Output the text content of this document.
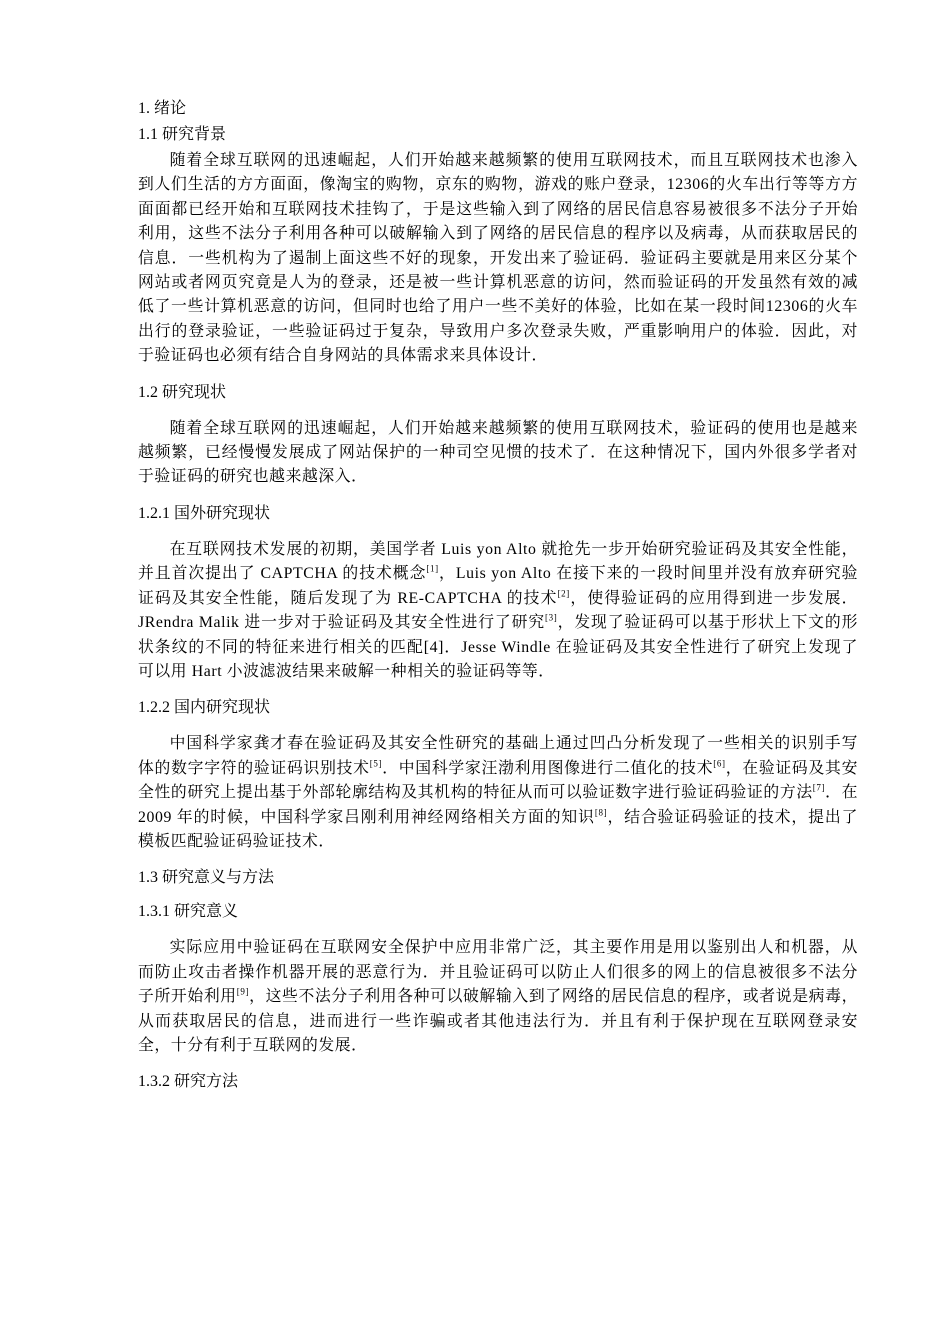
1. 绪论
1.1 研究背景

随着全球互联网的迅速崛起，人们开始越来越频繁的使用互联网技术，而且互联网技术也渗入到人们生活的方方面面，像淘宝的购物，京东的购物，游戏的账户登录，12306的火车出行等等方方面面都已经开始和互联网技术挂钩了，于是这些输入到了网络的居民信息容易被很多不法分子开始利用，这些不法分子利用各种可以破解输入到了网络的居民信息的程序以及病毒，从而获取居民的信息．一些机构为了遏制上面这些不好的现象，开发出来了验证码．验证码主要就是用来区分某个网站或者网页究竟是人为的登录，还是被一些计算机恶意的访问，然而验证码的开发虽然有效的减低了一些计算机恶意的访问，但同时也给了用户一些不美好的体验，比如在某一段时间12306的火车出行的登录验证，一些验证码过于复杂，导致用户多次登录失败，严重影响用户的体验．因此，对于验证码也必须有结合自身网站的具体需求来具体设计．

1.2 研究现状

随着全球互联网的迅速崛起，人们开始越来越频繁的使用互联网技术，验证码的使用也是越来越频繁，已经慢慢发展成了网站保护的一种司空见惯的技术了．在这种情况下，国内外很多学者对于验证码的研究也越来越深入．

1.2.1 国外研究现状

在互联网技术发展的初期，美国学者 Luis yon Alto 就抢先一步开始研究验证码及其安全性能，并且首次提出了 CAPTCHA 的技术概念[1]，Luis yon Alto 在接下来的一段时间里并没有放弃研究验证码及其安全性能，随后发现了为 RE-CAPTCHA 的技术[2]，使得验证码的应用得到进一步发展．JRendra Malik 进一步对于验证码及其安全性进行了研究[3]，发现了验证码可以基于形状上下文的形状条纹的不同的特征来进行相关的匹配[4]．Jesse Windle 在验证码及其安全性进行了研究上发现了可以用 Hart 小波滤波结果来破解一种相关的验证码等等．

1.2.2 国内研究现状

中国科学家龚才春在验证码及其安全性研究的基础上通过凹凸分析发现了一些相关的识别手写体的数字字符的验证码识别技术[5]．中国科学家汪渤利用图像进行二值化的技术[6]，在验证码及其安全性的研究上提出基于外部轮廓结构及其机构的特征从而可以验证数字进行验证码验证的方法[7]．在 2009 年的时候，中国科学家吕刚利用神经网络相关方面的知识[8]，结合验证码验证的技术，提出了模板匹配验证码验证技术．

1.3 研究意义与方法
1.3.1 研究意义

实际应用中验证码在互联网安全保护中应用非常广泛，其主要作用是用以鉴别出人和机器，从而防止攻击者操作机器开展的恶意行为．并且验证码可以防止人们很多的网上的信息被很多不法分子所开始利用[9]，这些不法分子利用各种可以破解输入到了网络的居民信息的程序，或者说是病毒，从而获取居民的信息，进而进行一些诈骗或者其他违法行为．并且有利于保护现在互联网登录安全，十分有利于互联网的发展．

1.3.2 研究方法
